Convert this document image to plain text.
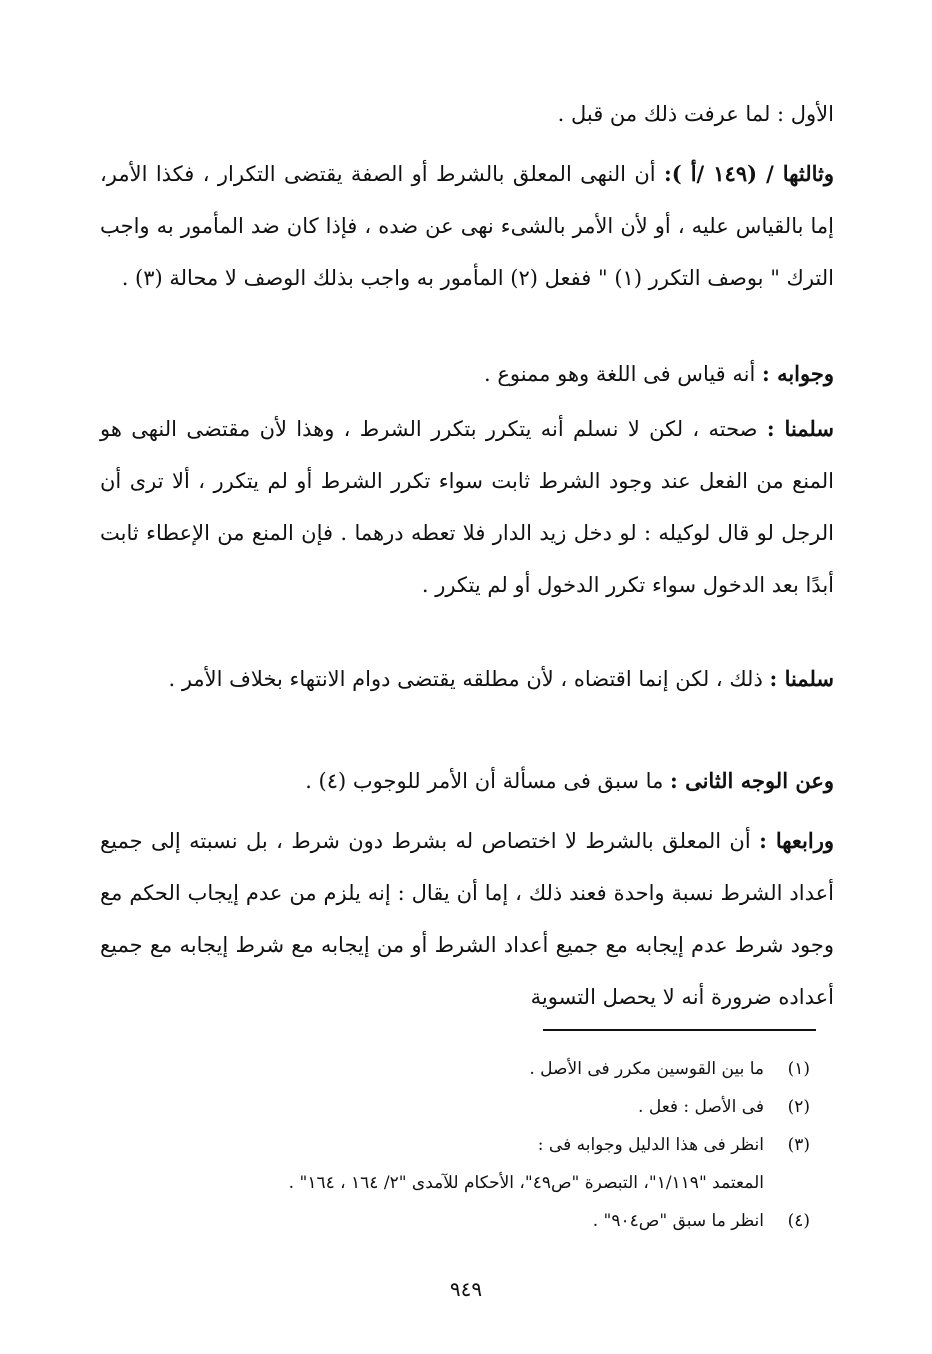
الأول : لما عرفت ذلك من قبل .

وثالثها / (١٤٩ /أ ): أن النهى المعلق بالشرط أو الصفة يقتضى التكرار ، فكذا الأمر، إما بالقياس عليه ، أو لأن الأمر بالشىء نهى عن ضده ، فإذا كان ضد المأمور به واجب الترك " بوصف التكرر (١) " ففعل (٢) المأمور به واجب بذلك الوصف لا محالة (٣) .

وجوابه : أنه قياس فى اللغة وهو ممنوع .

سلمنا : صحته ، لكن لا نسلم أنه يتكرر بتكرر الشرط ، وهذا لأن مقتضى النهى هو المنع من الفعل عند وجود الشرط ثابت سواء تكرر الشرط أو لم يتكرر ، ألا ترى أن الرجل لو قال لوكيله : لو دخل زيد الدار فلا تعطه درهما . فإن المنع من الإعطاء ثابت أبدًا بعد الدخول سواء تكرر الدخول أو لم يتكرر .

سلمنا : ذلك ، لكن إنما اقتضاه ، لأن مطلقه يقتضى دوام الانتهاء بخلاف الأمر .

وعن الوجه الثانى : ما سبق فى مسألة أن الأمر للوجوب (٤) .

ورابعها : أن المعلق بالشرط لا اختصاص له بشرط دون شرط ، بل نسبته إلى جميع أعداد الشرط نسبة واحدة فعند ذلك ، إما أن يقال : إنه يلزم من عدم إيجاب الحكم مع وجود شرط عدم إيجابه مع جميع أعداد الشرط أو من إيجابه مع شرط إيجابه مع جميع أعداده ضرورة أنه لا يحصل التسوية

(١)
ما بين القوسين مكرر فى الأصل .

(٢)
فى الأصل : فعل .

(٣)
انظر فى هذا الدليل وجوابه فى :

المعتمد "١/١١٩"، التبصرة "ص٤٩"، الأحكام للآمدى "٢/ ١٦٤ ، ١٦٤" .

(٤)
انظر ما سبق "ص٩٠٤" .

٩٤٩
